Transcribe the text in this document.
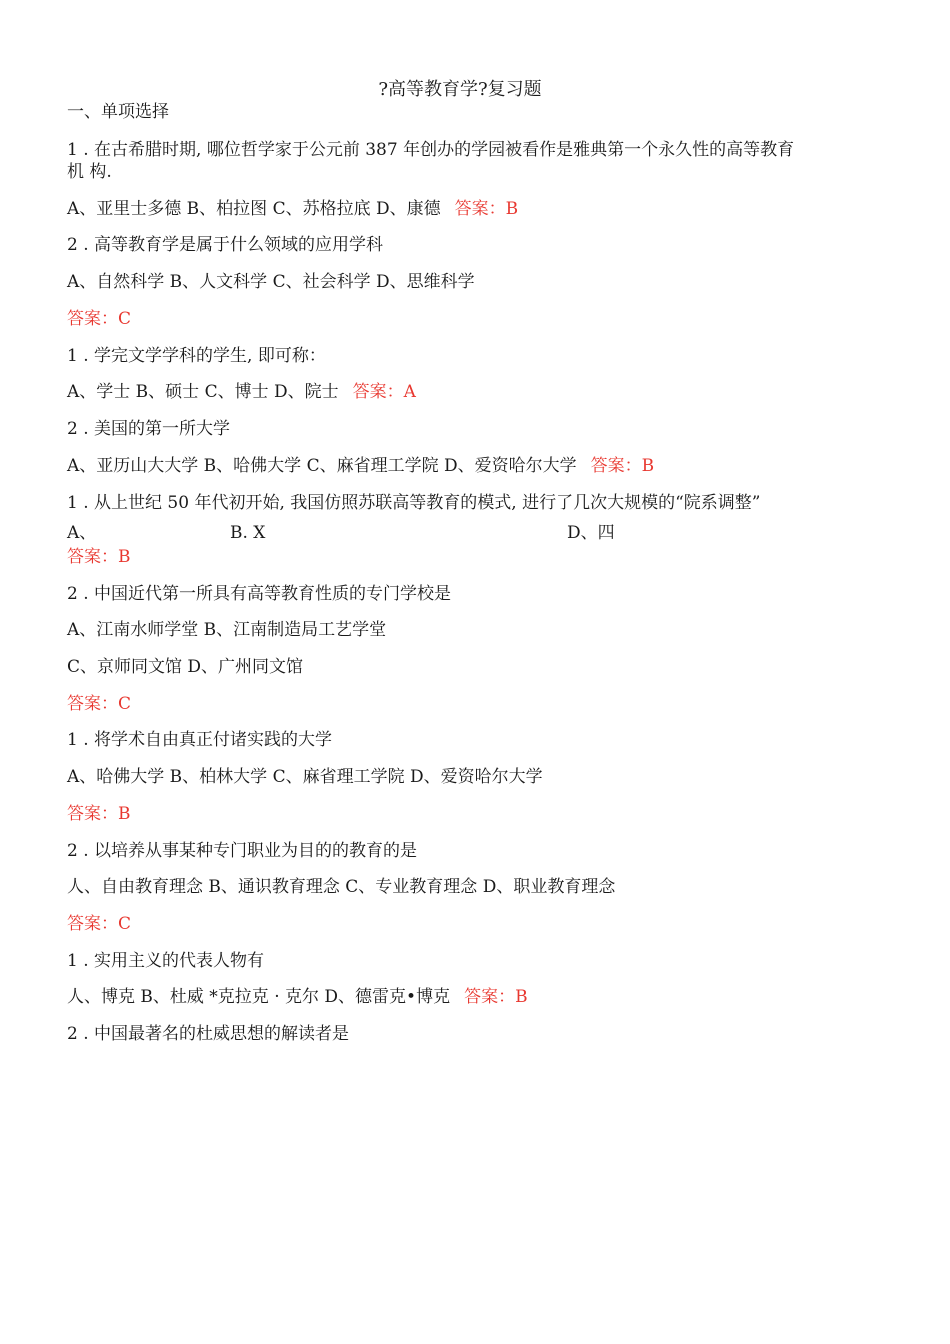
?高等教育学?复习题
一、单项选择
1 . 在古希腊时期, 哪位哲学家于公元前 387 年创办的学园被看作是雅典第一个永久性的高等教育
机 构.
A、亚里士多德 B、柏拉图 C、苏格拉底 D、康德 答案：B
2 . 高等教育学是属于什么领域的应用学科
A、自然科学 B、人文科学 C、社会科学 D、思维科学
答案：C
1 . 学完文学学科的学生, 即可称：
A、学士 B、硕士 C、博士 D、院士 答案：A
2 . 美国的第一所大学
A、亚历山大大学 B、哈佛大学 C、麻省理工学院 D、爱资哈尔大学 答案：B
1 . 从上世纪 50 年代初开始, 我国仿照苏联高等教育的模式, 进行了几次大规模的“院系调整”
A、	B. X	D、四
答案：B
2 . 中国近代第一所具有高等教育性质的专门学校是
A、江南水师学堂 B、江南制造局工艺学堂
C、京师同文馆 D、广州同文馆
答案：C
1 . 将学术自由真正付诸实践的大学
A、哈佛大学 B、柏林大学 C、麻省理工学院 D、爱资哈尔大学
答案：B
2 . 以培养从事某种专门职业为目的的教育的是
人、自由教育理念 B、通识教育理念 C、专业教育理念 D、职业教育理念
答案：C
1 . 实用主义的代表人物有
人、博克 B、杜威 *克拉克 · 克尔 D、德雷克•博克 答案：B
2 . 中国最著名的杜威思想的解读者是
